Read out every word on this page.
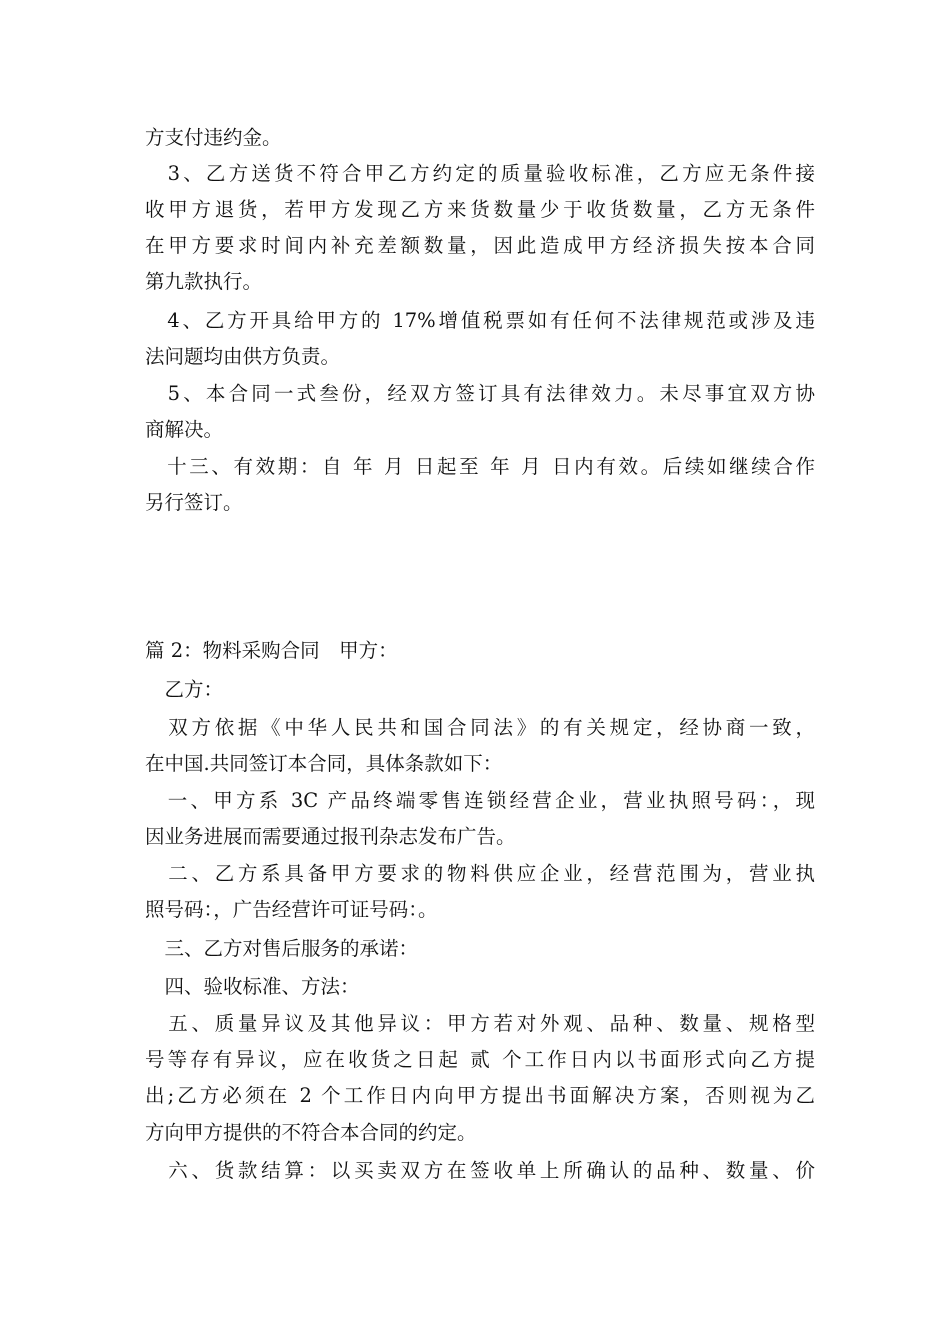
方支付违约金。
　3、乙方送货不符合甲乙方约定的质量验收标准，乙方应无条件接
收甲方退货，若甲方发现乙方来货数量少于收货数量，乙方无条件
在甲方要求时间内补充差额数量，因此造成甲方经济损失按本合同
第九款执行。
　4、乙方开具给甲方的 17%增值税票如有任何不法律规范或涉及违
法问题均由供方负责。
　5、本合同一式叁份，经双方签订具有法律效力。未尽事宜双方协
商解决。
　十三、有效期：自 年 月 日起至 年 月 日内有效。后续如继续合作
另行签订。

篇 2：物料采购合同　甲方：
　乙方：
　双方依据《中华人民共和国合同法》的有关规定，经协商一致，
在中国.共同签订本合同，具体条款如下：
　一、甲方系 3C 产品终端零售连锁经营企业，营业执照号码：，现
因业务进展而需要通过报刊杂志发布广告。
　二、乙方系具备甲方要求的物料供应企业，经营范围为，营业执
照号码：，广告经营许可证号码：。
　三、乙方对售后服务的承诺：
　四、验收标准、方法：
　五、质量异议及其他异议：甲方若对外观、品种、数量、规格型
号等存有异议，应在收货之日起 贰 个工作日内以书面形式向乙方提
出;乙方必须在 2 个工作日内向甲方提出书面解决方案，否则视为乙
方向甲方提供的不符合本合同的约定。
　六、货款结算：以买卖双方在签收单上所确认的品种、数量、价
